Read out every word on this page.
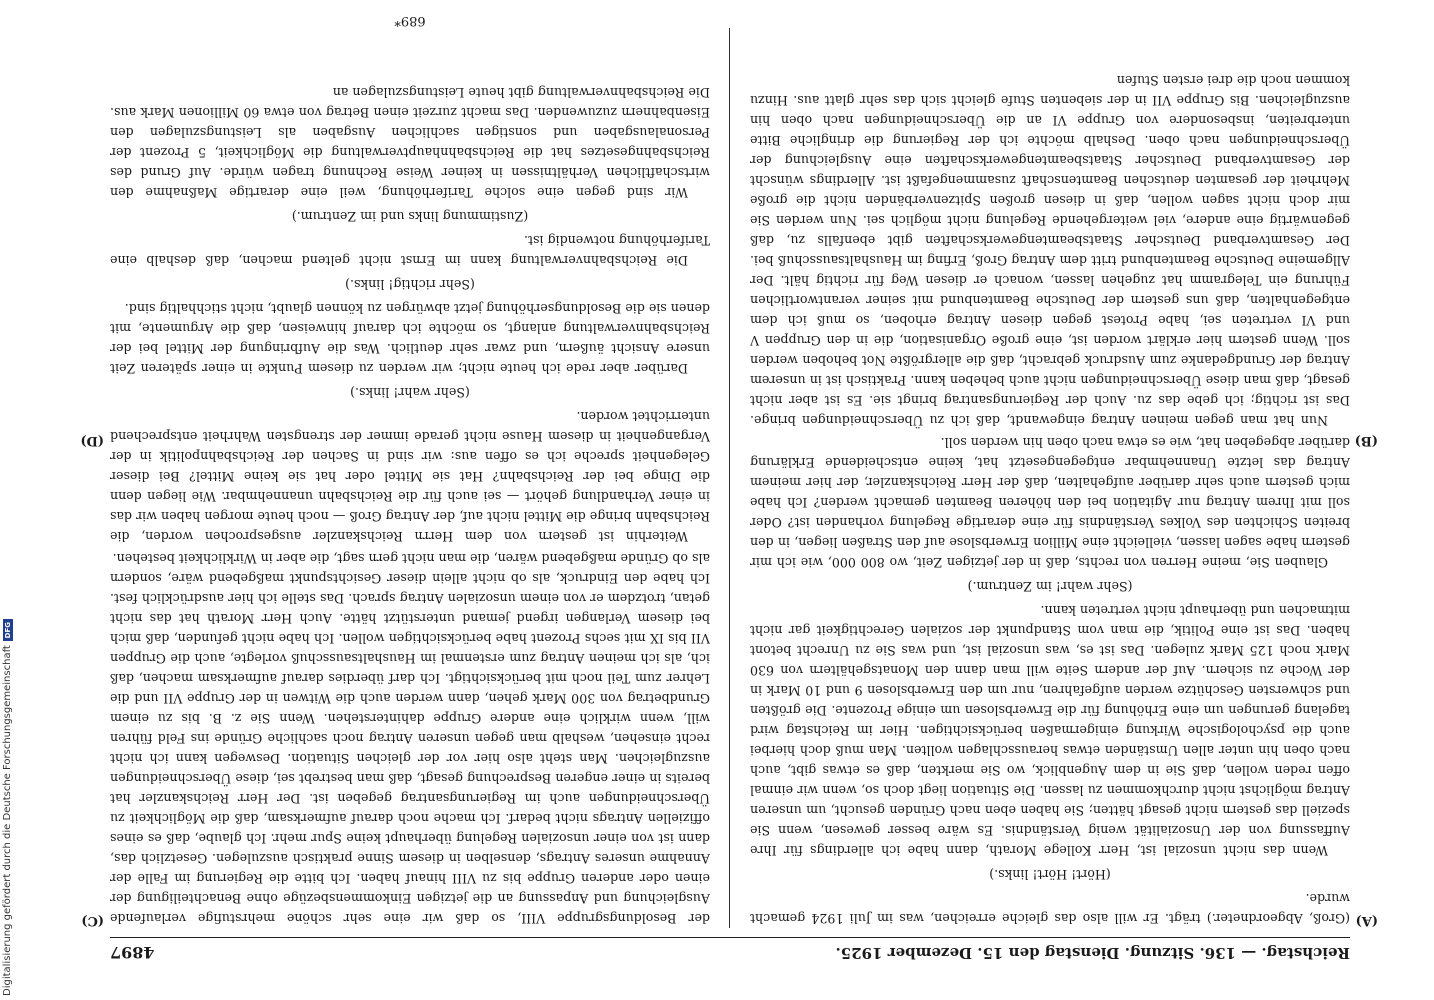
Reichstag. — 136. Sitzung. Dienstag den 15. Dezember 1925.
4897
(A)
(B)
(C)
(D)

(Groß, Abgeordneter.) trägt. Er will also das gleiche erreichen, was im Juli 1924 gemacht wurde.

(Hört! Hört! links.)

Wenn das nicht unsozial ist, Herr Kollege Morath, dann habe ich allerdings für Ihre Auffassung von der Unsozialität wenig Verständnis. Es wäre besser gewesen, wenn Sie speziell das gestern nicht gesagt hätten; Sie haben eben nach Gründen gesucht, um unseren Antrag möglichst nicht durchkommen zu lassen. Die Situation liegt doch so, wenn wir einmal offen reden wollen, daß Sie in dem Augenblick, wo Sie merkten, daß es etwas gibt, auch nach oben hin unter allen Umständen etwas herausschlagen wollten. Man muß doch hierbei auch die psychologische Wirkung einigermaßen berücksichtigen. Hier im Reichstag wird tagelang gerungen um eine Erhöhung für die Erwerbslosen um einige Prozente. Die größten und schwersten Geschütze werden aufgefahren, nur um den Erwerbslosen 9 und 10 Mark in der Woche zu sichern. Auf der andern Seite will man dann den Monatsgehältern von 630 Mark noch 125 Mark zulegen. Das ist es, was unsozial ist, und was Sie zu Unrecht betont haben. Das ist eine Politik, die man vom Standpunkt der sozialen Gerechtigkeit gar nicht mitmachen und überhaupt nicht vertreten kann.

(Sehr wahr! im Zentrum.)

Glauben Sie, meine Herren von rechts, daß in der jetzigen Zeit, wo 800 000, wie ich mir gestern habe sagen lassen, vielleicht eine Million Erwerbslose auf den Straßen liegen, in den breiten Schichten des Volkes Verständnis für eine derartige Regelung vorhanden ist? Oder soll mit Ihrem Antrag nur Agitation bei den höheren Beamten gemacht werden? Ich habe mich gestern auch sehr darüber aufgehalten, daß der Herr Reichskanzler, der hier meinem Antrag das letzte Unannehmbar entgegengesetzt hat, keine entscheidende Erklärung darüber abgegeben hat, wie es etwa nach oben hin werden soll.

Nun hat man gegen meinen Antrag eingewandt, daß ich zu Überschneidungen bringe. Das ist richtig; ich gebe das zu. Auch der Regierungsantrag bringt sie. Es ist aber nicht gesagt, daß man diese Überschneidungen nicht auch beheben kann. Praktisch ist in unserem Antrag der Grundgedanke zum Ausdruck gebracht, daß die allergrößte Not behoben werden soll. Wenn gestern hier erklärt worden ist, eine große Organisation, die in den Gruppen V und VI vertreten sei, habe Protest gegen diesen Antrag erhoben, so muß ich dem entgegenhalten, daß uns gestern der Deutsche Beamtenbund mit seiner verantwortlichen Führung ein Telegramm hat zugehen lassen, wonach er diesen Weg für richtig hält. Der Allgemeine Deutsche Beamtenbund tritt dem Antrag Groß, Erfing im Haushaltsausschuß bei. Der Gesamtverband Deutscher Staatsbeamtengewerkschaften gibt ebenfalls zu, daß gegenwärtig eine andere, viel weitergehende Regelung nicht möglich sei. Nun werden Sie mir doch nicht sagen wollen, daß in diesen großen Spitzenverbänden nicht die große Mehrheit der gesamten deutschen Beamtenschaft zusammengefaßt ist. Allerdings wünscht der Gesamtverband Deutscher Staatsbeamtengewerkschaften eine Ausgleichung der Überschneidungen nach oben. Deshalb möchte ich der Regierung die dringliche Bitte unterbreiten, insbesondere von Gruppe VI an die Überschneidungen nach oben hin auszugleichen. Bis Gruppe VII in der siebenten Stufe gleicht sich das sehr glatt aus. Hinzu kommen noch die drei ersten Stufen

der Besoldungsgruppe VIII, so daß wir eine sehr schöne mehrstufige verlaufende Ausgleichung und Anpassung an die jetzigen Einkommensbezüge ohne Benachteiligung der einen oder anderen Gruppe bis zu VIII hinauf haben. Ich bitte die Regierung im Falle der Annahme unseres Antrags, denselben in diesem Sinne praktisch auszulegen. Gesetzlich das, dann ist von einer unsozialen Regelung überhaupt keine Spur mehr. Ich glaube, daß es eines offiziellen Antrags nicht bedarf. Ich mache noch darauf aufmerksam, daß die Möglichkeit zu Überschneidungen auch im Regierungsantrag gegeben ist. Der Herr Reichskanzler hat bereits in einer engeren Besprechung gesagt, daß man bestrebt sei, diese Überschneidungen auszugleichen. Man steht also hier vor der gleichen Situation. Deswegen kann ich nicht recht einsehen, weshalb man gegen unseren Antrag noch sachliche Gründe ins Feld führen will, wenn wirklich eine andere Gruppe dahinterstehen. Wenn Sie z. B. bis zu einem Grundbetrag von 300 Mark gehen, dann werden auch die Witwen in der Gruppe VII und die Lehrer zum Teil noch mit berücksichtigt. Ich darf überdies darauf aufmerksam machen, daß ich, als ich meinen Antrag zum erstenmal im Haushaltsausschuß vorlegte, auch die Gruppen VII bis IX mit sechs Prozent habe berücksichtigen wollen. Ich habe nicht gefunden, daß mich bei diesem Verlangen irgend jemand unterstützt hätte. Auch Herr Morath hat das nicht getan, trotzdem er von einem unsozialen Antrag sprach. Das stelle ich hier ausdrücklich fest. Ich habe den Eindruck, als ob nicht allein dieser Gesichtspunkt maßgebend wäre, sondern als ob Gründe maßgebend wären, die man nicht gern sagt, die aber in Wirklichkeit bestehen.

Weiterhin ist gestern von dem Herrn Reichskanzler ausgesprochen worden, die Reichsbahn bringe die Mittel nicht auf, der Antrag Groß — noch heute morgen haben wir das in einer Verhandlung gehört — sei auch für die Reichsbahn unannehmbar. Wie liegen denn die Dinge bei der Reichsbahn? Hat sie Mittel oder hat sie keine Mittel? Bei dieser Gelegenheit spreche ich es offen aus: wir sind in Sachen der Reichsbahnpolitik in der Vergangenheit in diesem Hause nicht gerade immer der strengsten Wahrheit entsprechend unterrichtet worden.

(Sehr wahr! links.)

Darüber aber rede ich heute nicht; wir werden zu diesem Punkte in einer späteren Zeit unsere Ansicht äußern, und zwar sehr deutlich. Was die Aufbringung der Mittel bei der Reichsbahnverwaltung anlangt, so möchte ich darauf hinweisen, daß die Argumente, mit denen sie die Besoldungserhöhung jetzt abwürgen zu können glaubt, nicht stichhaltig sind.

(Sehr richtig! links.)

Die Reichsbahnverwaltung kann im Ernst nicht geltend machen, daß deshalb eine Tariferhöhung notwendig ist.

(Zustimmung links und im Zentrum.)

Wir sind gegen eine solche Tariferhöhung, weil eine derartige Maßnahme den wirtschaftlichen Verhältnissen in keiner Weise Rechnung tragen würde. Auf Grund des Reichsbahngesetzes hat die Reichsbahnhauptverwaltung die Möglichkeit, 5 Prozent der Personalausgaben und sonstigen sachlichen Ausgaben als Leistungszulagen den Eisenbahnern zuzuwenden. Das macht zurzeit einen Betrag von etwa 60 Millionen Mark aus. Die Reichsbahnverwaltung gibt heute Leistungszulagen an

689*
Digitalisierung gefördert durch die Deutsche Forschungsgemeinschaft
DFG
